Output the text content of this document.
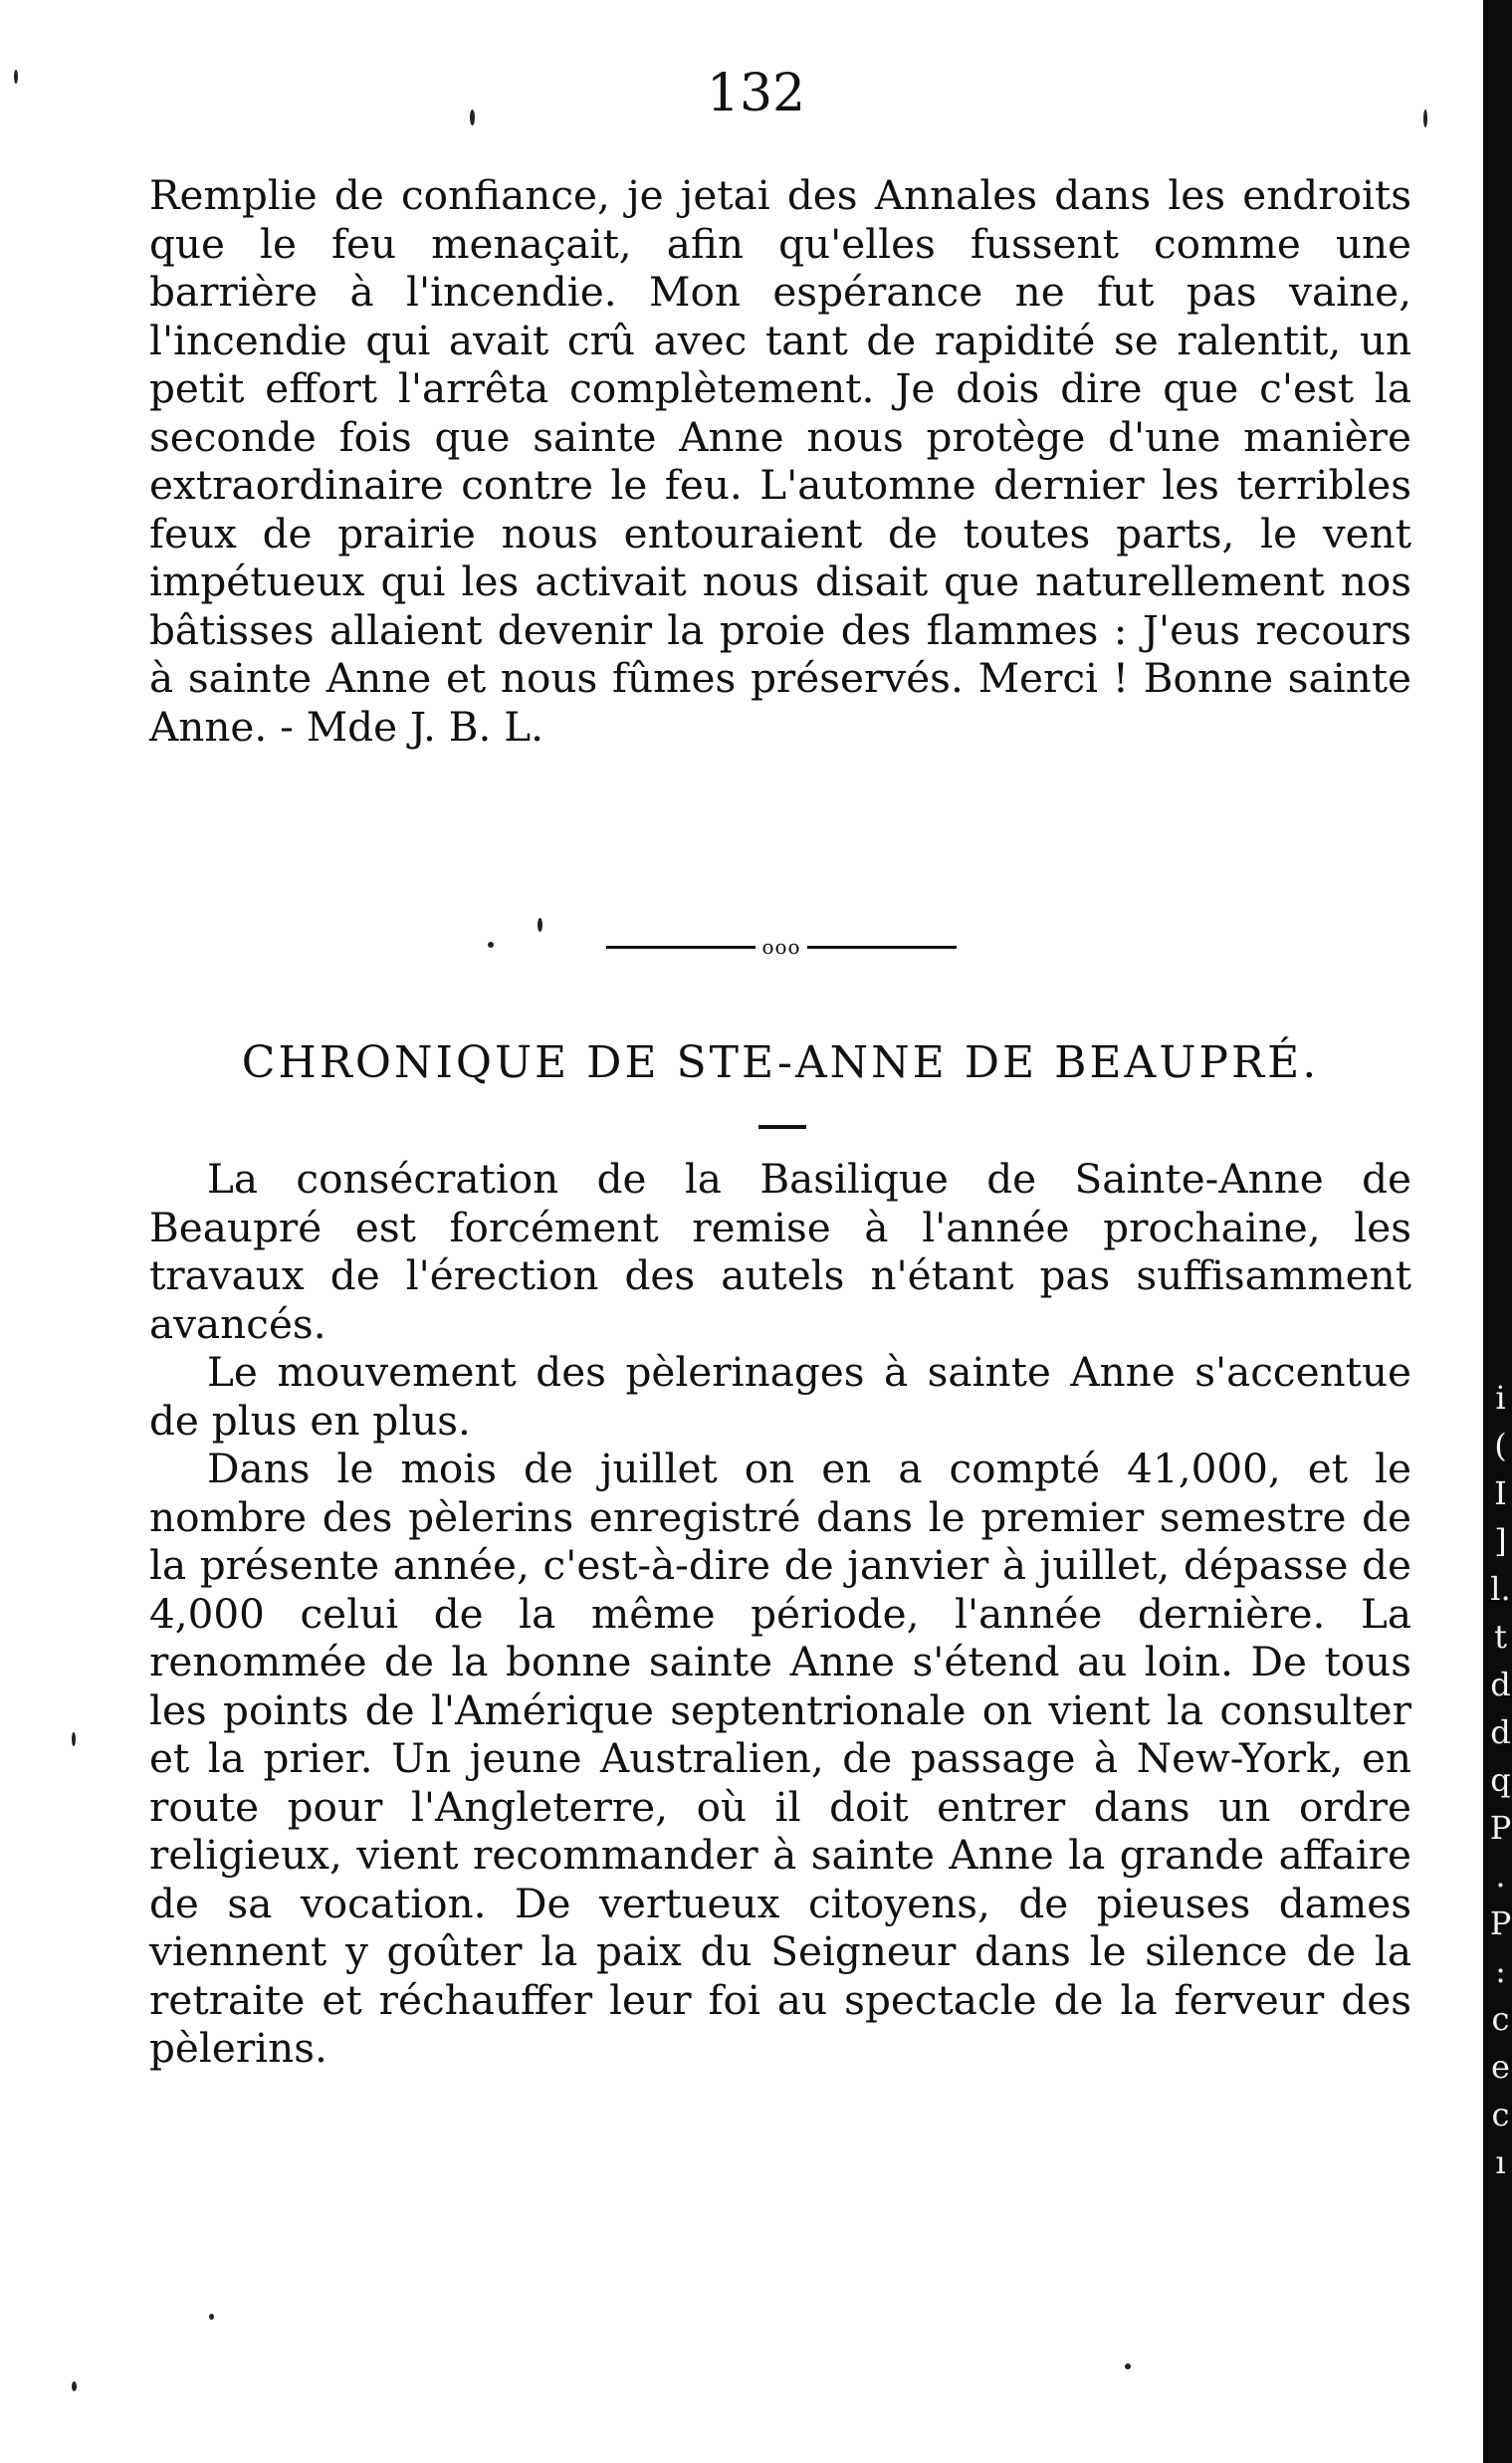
132

Remplie de confiance, je jetai des Annales dans les endroits que le feu menaçait, afin qu'elles fussent comme une barrière à l'incendie. Mon espérance ne fut pas vaine, l'incendie qui avait crû avec tant de rapidité se ralentit, un petit effort l'arrêta complètement. Je dois dire que c'est la seconde fois que sainte Anne nous protège d'une manière extraordinaire contre le feu. L'automne dernier les terribles feux de prairie nous entouraient de toutes parts, le vent impétueux qui les activait nous disait que naturellement nos bâtisses allaient devenir la proie des flammes : J'eus recours à sainte Anne et nous fûmes préservés. Merci ! Bonne sainte Anne. - Mde J. B. L.

ooo
CHRONIQUE DE STE-ANNE DE BEAUPRÉ.

La consécration de la Basilique de Sainte-Anne de Beaupré est forcément remise à l'année prochaine, les travaux de l'érection des autels n'étant pas suffisamment avancés.

Le mouvement des pèlerinages à sainte Anne s'accentue de plus en plus.

Dans le mois de juillet on en a compté 41,000, et le nombre des pèlerins enregistré dans le premier semestre de la présente année, c'est-à-dire de janvier à juillet, dépasse de 4,000 celui de la même période, l'année dernière. La renommée de la bonne sainte Anne s'étend au loin. De tous les points de l'Amérique septentrionale on vient la consulter et la prier. Un jeune Australien, de passage à New-York, en route pour l'Angleterre, où il doit entrer dans un ordre religieux, vient recommander à sainte Anne la grande affaire de sa vocation. De vertueux citoyens, de pieuses dames viennent y goûter la paix du Seigneur dans le silence de la retraite et réchauffer leur foi au spectacle de la ferveur des pèlerins.

i ( I ] l. t d d q P. P: ce cı
